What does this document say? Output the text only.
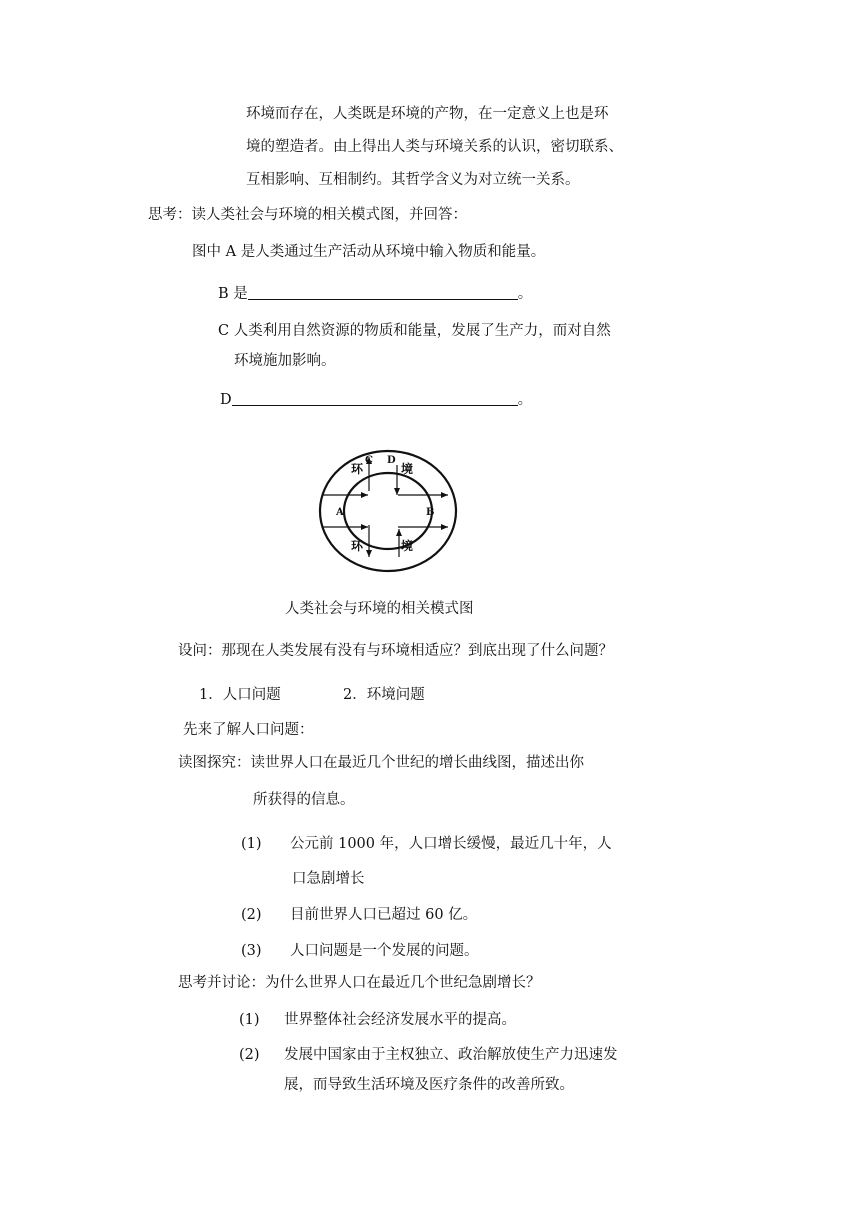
环境而存在，人类既是环境的产物，在一定意义上也是环
境的塑造者。由上得出人类与环境关系的认识，密切联系、
互相影响、互相制约。其哲学含义为对立统一关系。
思考：读人类社会与环境的相关模式图，并回答：
图中 A 是人类通过生产活动从环境中输入物质和能量。
B 是	。
C 人类利用自然资源的物质和能量，发展了生产力，而对自然
环境施加影响。
D	。
环
C D
境
A	B
环	境
人类社会与环境的相关模式图
设问：那现在人类发展有没有与环境相适应？到底出现了什么问题？
1．人口问题	2．环境问题
先来了解人口问题：
读图探究：读世界人口在最近几个世纪的增长曲线图，描述出你
所获得的信息。
(1) 公元前 1000 年，人口增长缓慢，最近几十年，人
口急剧增长
(2) 目前世界人口已超过 60 亿。
(3) 人口问题是一个发展的问题。
思考并讨论：为什么世界人口在最近几个世纪急剧增长？
(1) 世界整体社会经济发展水平的提高。
(2) 发展中国家由于主权独立、政治解放使生产力迅速发
展，而导致生活环境及医疗条件的改善所致。
